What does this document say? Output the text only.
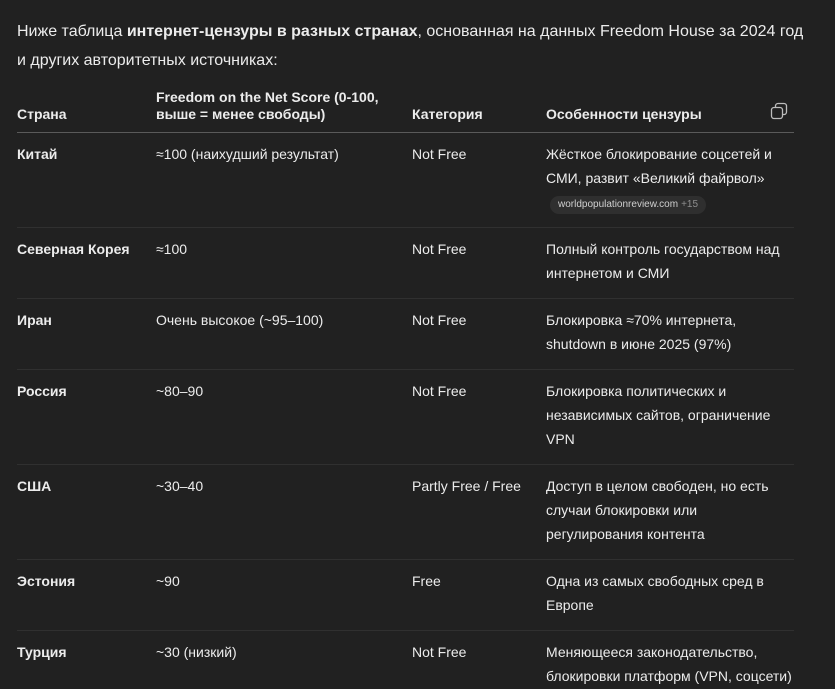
Ниже таблица интернет-цензуры в разных странах, основанная на данных Freedom House за 2024 год и других авторитетных источниках:
Страна	Freedom on the Net Score (0-100, выше = менее свободы)	Категория	Особенности цензуры
Китай	≈100 (наихудший результат)	Not Free	Жёсткое блокирование соцсетей и СМИ, развит «Великий файрвол»
worldpopulationreview.com +15
Северная Корея	≈100	Not Free	Полный контроль государством над интернетом и СМИ
Иран	Очень высокое (~95–100)	Not Free	Блокировка ≈70% интернета, shutdown в июне 2025 (97%)
Россия	~80–90	Not Free	Блокировка политических и независимых сайтов, ограничение VPN
США	~30–40	Partly Free / Free	Доступ в целом свободен, но есть случаи блокировки или регулирования контента
Эстония	~90	Free	Одна из самых свободных сред в Европе
Турция	~30 (низкий)	Not Free	Меняющееся законодательство, блокировки платформ (VPN, соцсети)
